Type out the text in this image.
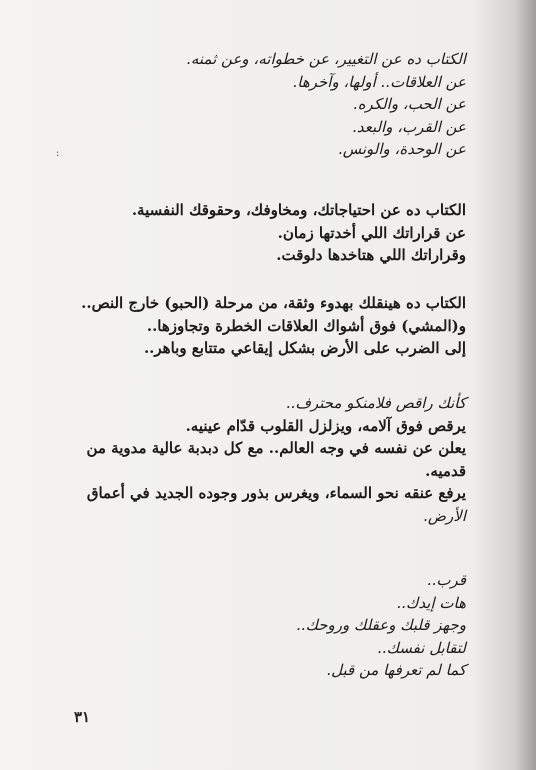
:
الكتاب ده عن التغيير، عن خطواته، وعن ثمنه.
عن العلاقات.. أولها، وآخرها.
عن الحب، والكره.
عن القرب، والبعد.
عن الوحدة، والونس.
الكتاب ده عن احتياجاتك، ومخاوفك، وحقوقك النفسية.
عن قراراتك اللي أخدتها زمان.
وقراراتك اللي هتاخدها دلوقت.
الكتاب ده هينقلك بهدوء وثقة، من مرحلة (الحبو) خارج النص..
و(المشي) فوق أشواك العلاقات الخطرة وتجاوزها..
إلى الضرب على الأرض بشكل إيقاعي متتابع وباهر..
كأنك راقص فلامنكو محترف..
يرقص فوق آلامه، ويزلزل القلوب قدّام عينيه.
يعلن عن نفسه في وجه العالم.. مع كل دبدبة عالية مدوية من
قدميه.
يرفع عنقه نحو السماء، ويغرس بذور وجوده الجديد في أعماق
الأرض.
قرب..
هات إيدك..
وجهز قلبك وعقلك وروحك..
لتقابل نفسك..
كما لم تعرفها من قبل.
٣١
